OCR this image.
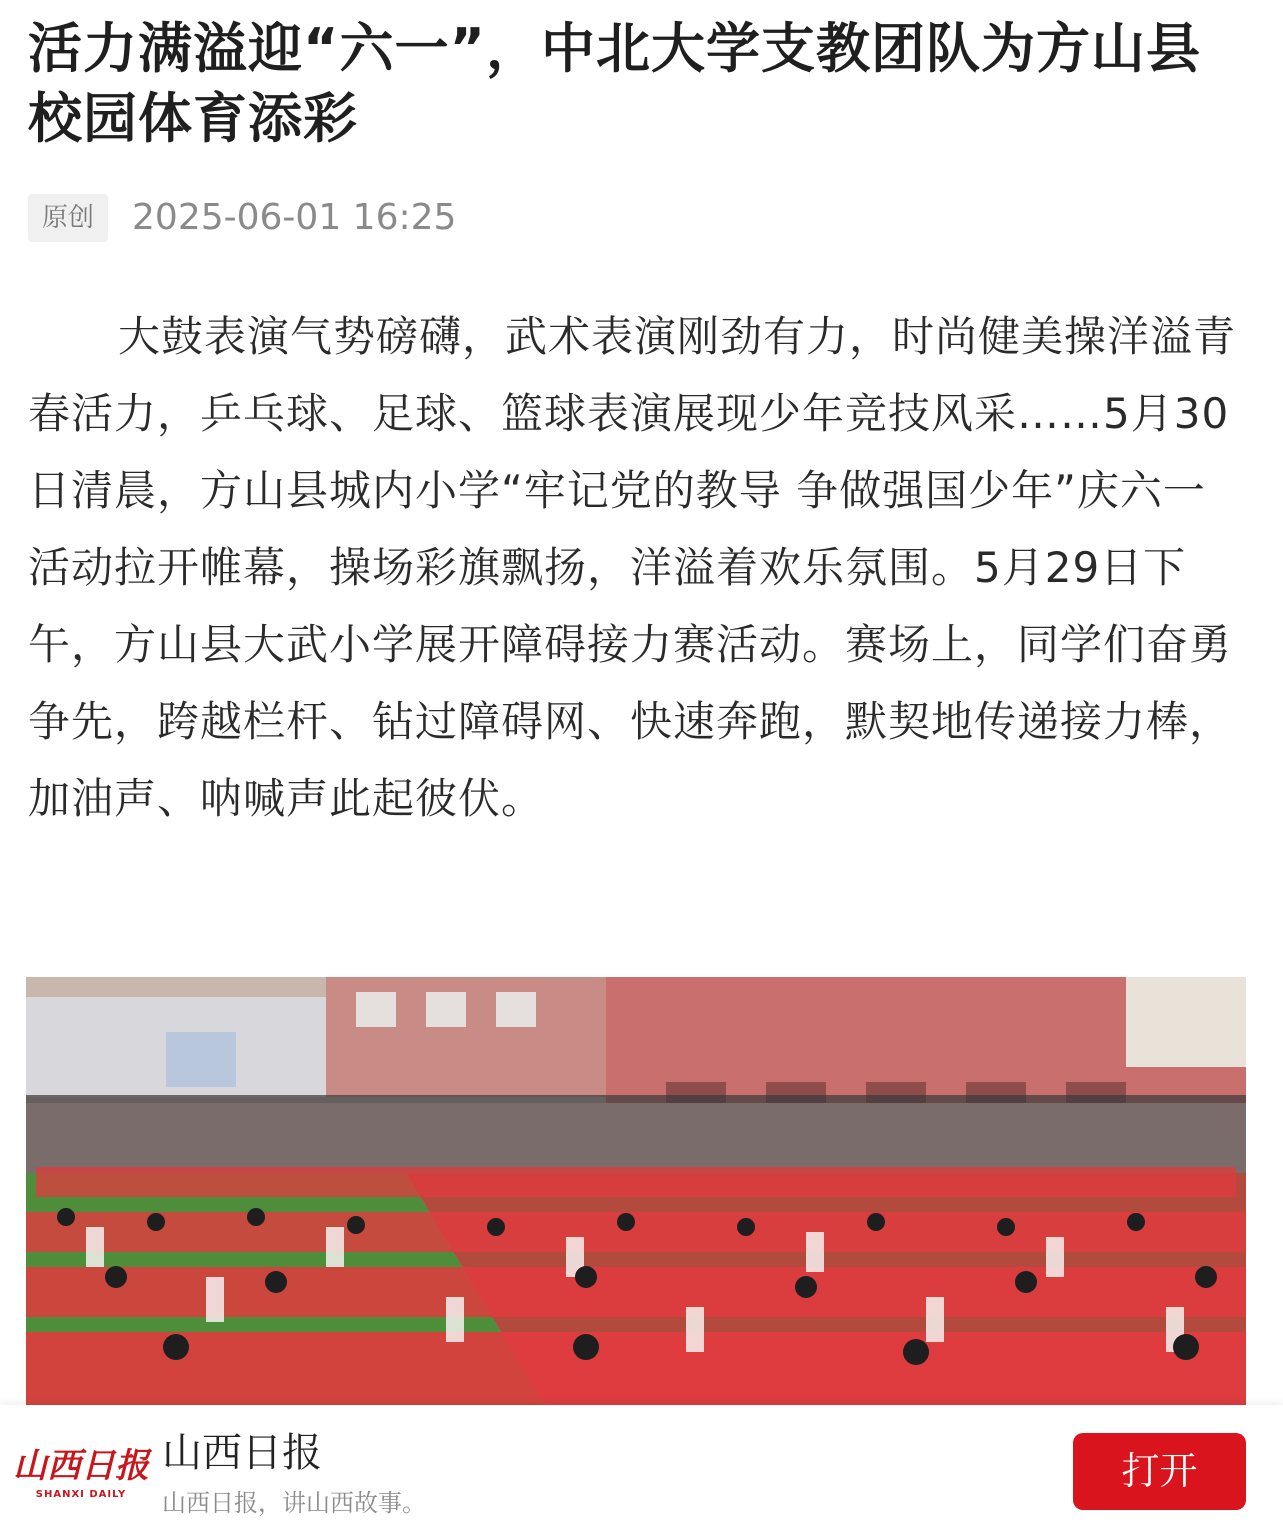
活力满溢迎“六一”，中北大学支教团队为方山县校园体育添彩
原创	2025-06-01 16:25

大鼓表演气势磅礴，武术表演刚劲有力，时尚健美操洋溢青春活力，乒乓球、足球、篮球表演展现少年竞技风采……5月30日清晨，方山县城内小学“牢记党的教导 争做强国少年”庆六一活动拉开帷幕，操场彩旗飘扬，洋溢着欢乐氛围。5月29日下午，方山县大武小学展开障碍接力赛活动。赛场上，同学们奋勇争先，跨越栏杆、钻过障碍网、快速奔跑，默契地传递接力棒，加油声、呐喊声此起彼伏。

山西日报
SHANXI DAILY
山西日报
山西日报，讲山西故事。
打开
